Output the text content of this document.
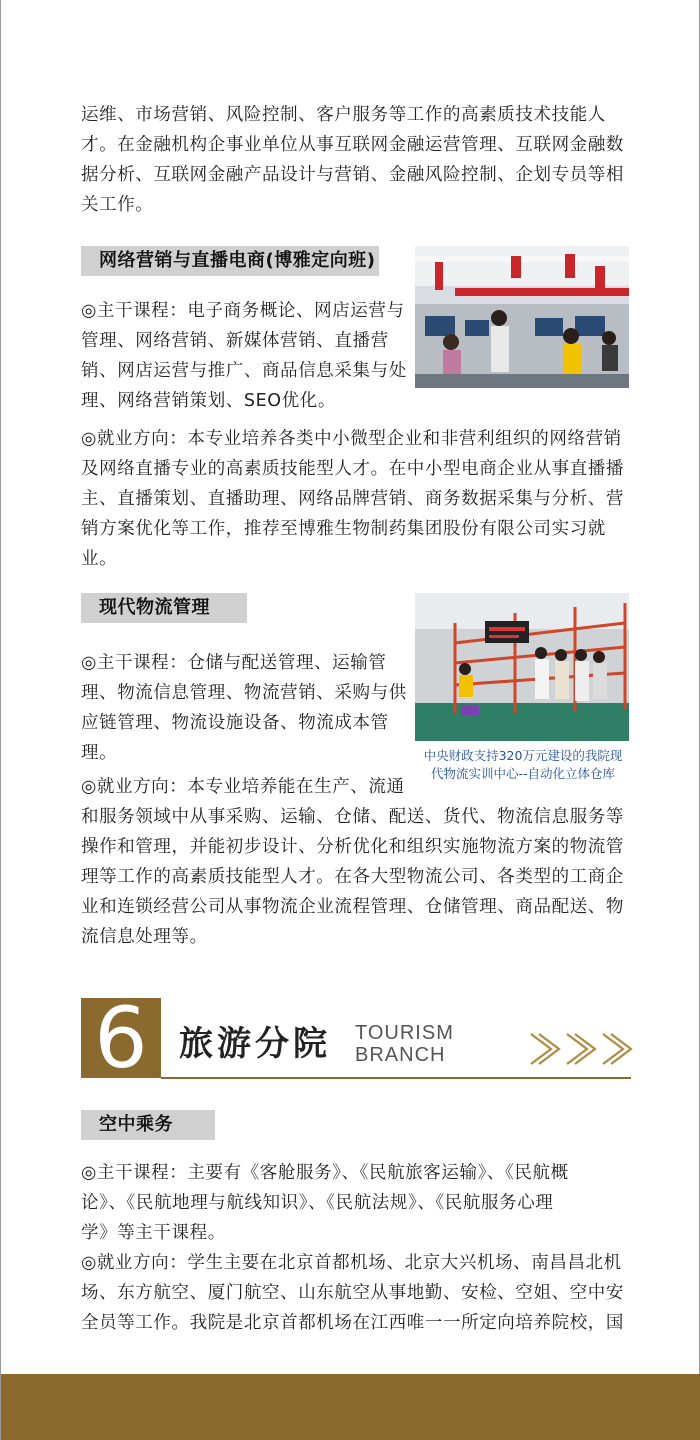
运维、市场营销、风险控制、客户服务等工作的高素质技术技能人
才。在金融机构企事业单位从事互联网金融运营管理、互联网金融数
据分析、互联网金融产品设计与营销、金融风险控制、企划专员等相
关工作。
网络营销与直播电商(博雅定向班)
◎主干课程：电子商务概论、网店运营与
管理、网络营销、新媒体营销、直播营
销、网店运营与推广、商品信息采集与处
理、网络营销策划、SEO优化。
◎就业方向：本专业培养各类中小微型企业和非营利组织的网络营销
及网络直播专业的高素质技能型人才。在中小型电商企业从事直播播
主、直播策划、直播助理、网络品牌营销、商务数据采集与分析、营
销方案优化等工作，推荐至博雅生物制药集团股份有限公司实习就
业。
现代物流管理
中央财政支持320万元建设的我院现
代物流实训中心--自动化立体仓库
◎主干课程：仓储与配送管理、运输管
理、物流信息管理、物流营销、采购与供
应链管理、物流设施设备、物流成本管
理。
◎就业方向：本专业培养能在生产、流通
和服务领域中从事采购、运输、仓储、配送、货代、物流信息服务等
操作和管理，并能初步设计、分析优化和组织实施物流方案的物流管
理等工作的高素质技能型人才。在各大型物流公司、各类型的工商企
业和连锁经营公司从事物流企业流程管理、仓储管理、商品配送、物
流信息处理等。
6 旅游分院 TOURISM
BRANCH
空中乘务
◎主干课程：主要有《客舱服务》、《民航旅客运输》、《民航概
论》、《民航地理与航线知识》、《民航法规》、《民航服务心理
学》等主干课程。
◎就业方向：学生主要在北京首都机场、北京大兴机场、南昌昌北机
场、东方航空、厦门航空、山东航空从事地勤、安检、空姐、空中安
全员等工作。我院是北京首都机场在江西唯一一所定向培养院校，国
